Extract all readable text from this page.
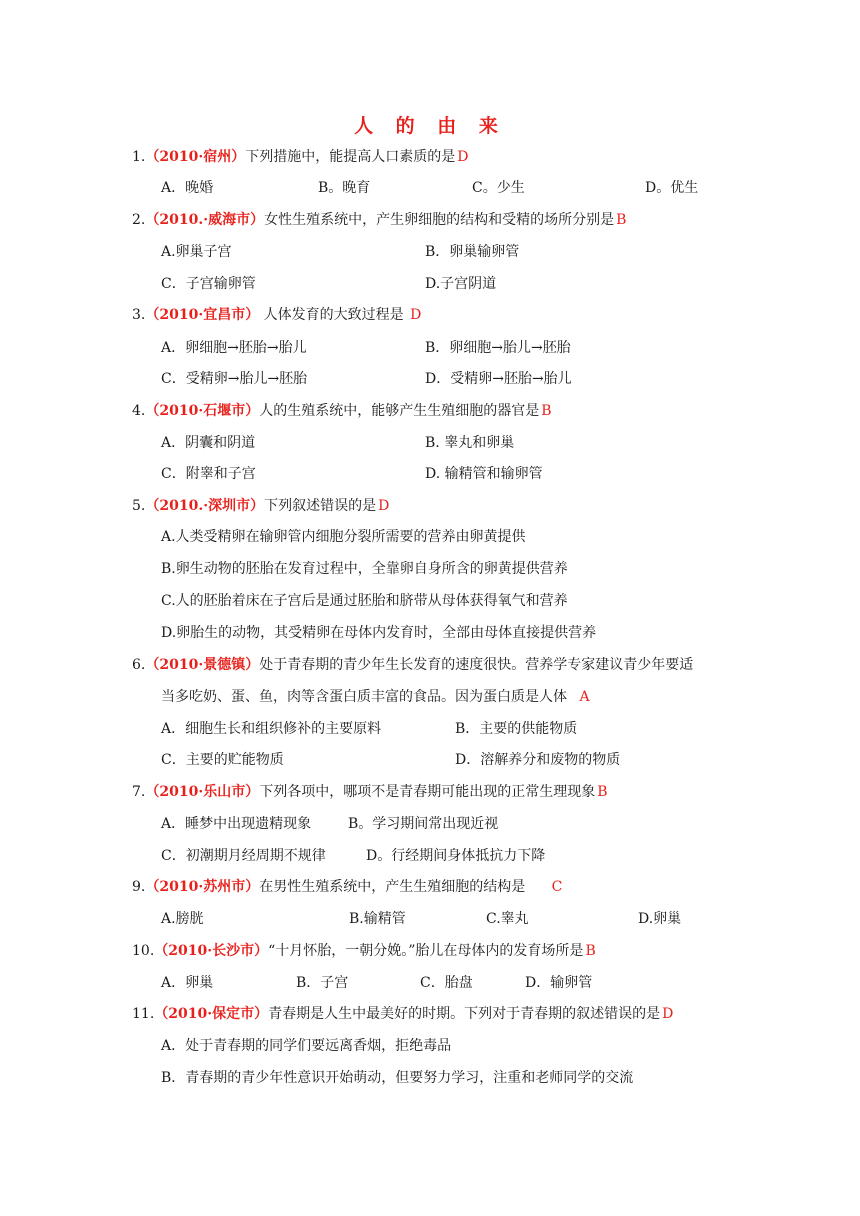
人 的 由 来
1.（2010·宿州）下列措施中，能提高人口素质的是 D
A．晚婚	B。晚育	C。少生	D。优生
2.（2010.·威海市）女性生殖系统中，产生卵细胞的结构和受精的场所分别是 B
A.卵巢子宫	B．卵巢输卵管
C．子宫输卵管	D.子宫阴道
3.（2010·宜昌市） 人体发育的大致过程是 D
A．卵细胞→胚胎→胎儿	B．卵细胞→胎儿→胚胎
C．受精卵→胎儿→胚胎	D．受精卵→胚胎→胎儿
4.（2010·石堰市）人的生殖系统中，能够产生生殖细胞的器官是 B
A．阴囊和阴道	B. 睾丸和卵巢
C．附睾和子宫	D. 输精管和输卵管
5.（2010.·深圳市）下列叙述错误的是 D
A.人类受精卵在输卵管内细胞分裂所需要的营养由卵黄提供
B.卵生动物的胚胎在发育过程中，全靠卵自身所含的卵黄提供营养
C.人的胚胎着床在子宫后是通过胚胎和脐带从母体获得氧气和营养
D.卵胎生的动物，其受精卵在母体内发育时，全部由母体直接提供营养
6.（2010·景德镇）处于青春期的青少年生长发育的速度很快。营养学专家建议青少年要适
当多吃奶、蛋、鱼，肉等含蛋白质丰富的食品。因为蛋白质是人体 A
A．细胞生长和组织修补的主要原料	B．主要的供能物质
C．主要的贮能物质	D．溶解养分和废物的物质
7.（2010·乐山市）下列各项中，哪项不是青春期可能出现的正常生理现象 B
A．睡梦中出现遗精现象	B。学习期间常出现近视
C．初潮期月经周期不规律	D。行经期间身体抵抗力下降
9.（2010·苏州市）在男性生殖系统中，产生生殖细胞的结构是 C
A.膀胱	B.输精管	C.睾丸	D.卵巢
10.（2010·长沙市）“十月怀胎，一朝分娩。”胎儿在母体内的发育场所是 B
A．卵巢	B．子宫	C．胎盘	D．输卵管
11.（2010·保定市）青春期是人生中最美好的时期。下列对于青春期的叙述错误的是 D
A．处于青春期的同学们要远离香烟，拒绝毒品
B．青春期的青少年性意识开始萌动，但要努力学习，注重和老师同学的交流
